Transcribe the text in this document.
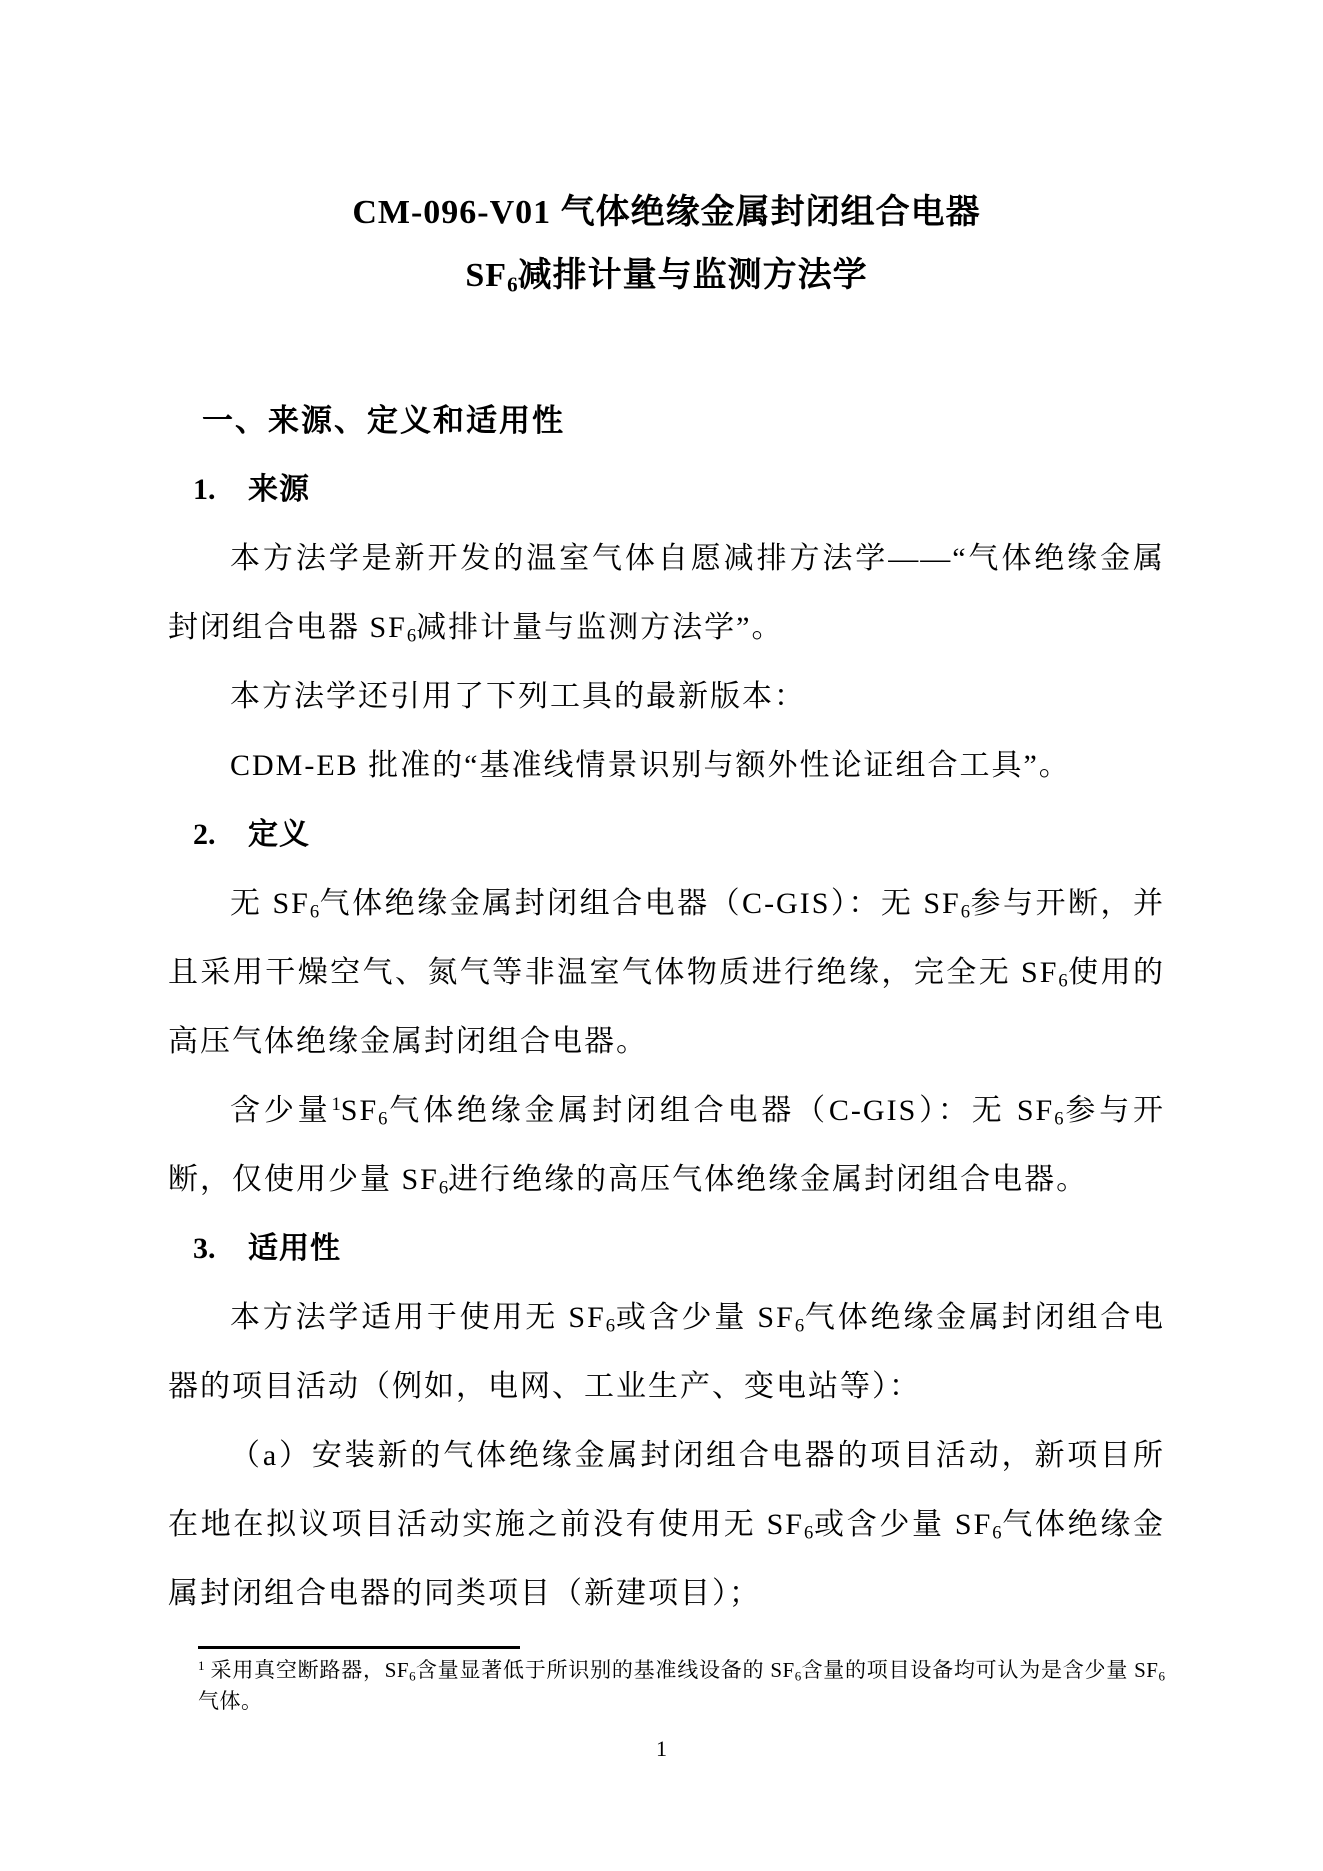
CM-096-V01 气体绝缘金属封闭组合电器
$SF_6$减排计量与监测方法学
一、来源、定义和适用性
1. 来源

本方法学是新开发的温室气体自愿减排方法学——“气体绝缘金属封闭组合电器 $SF_6$减排计量与监测方法学”。

本方法学还引用了下列工具的最新版本：

CDM-EB 批准的“基准线情景识别与额外性论证组合工具”。

2. 定义

无 $SF_6$气体绝缘金属封闭组合电器（C-GIS）：无 $SF_6$参与开断，并且采用干燥空气、氮气等非温室气体物质进行绝缘，完全无 $SF_6$使用的高压气体绝缘金属封闭组合电器。

含少量$^1SF_6$气体绝缘金属封闭组合电器（C-GIS）：无 $SF_6$参与开断，仅使用少量 $SF_6$进行绝缘的高压气体绝缘金属封闭组合电器。

3. 适用性

本方法学适用于使用无 $SF_6$或含少量 $SF_6$气体绝缘金属封闭组合电器的项目活动（例如，电网、工业生产、变电站等）：

（a）安装新的气体绝缘金属封闭组合电器的项目活动，新项目所在地在拟议项目活动实施之前没有使用无 $SF_6$或含少量 $SF_6$气体绝缘金属封闭组合电器的同类项目（新建项目）；

$^1$ 采用真空断路器，$SF_6$含量显著低于所识别的基准线设备的 $SF_6$含量的项目设备均可认为是含少量 $SF_6$气体。
1
